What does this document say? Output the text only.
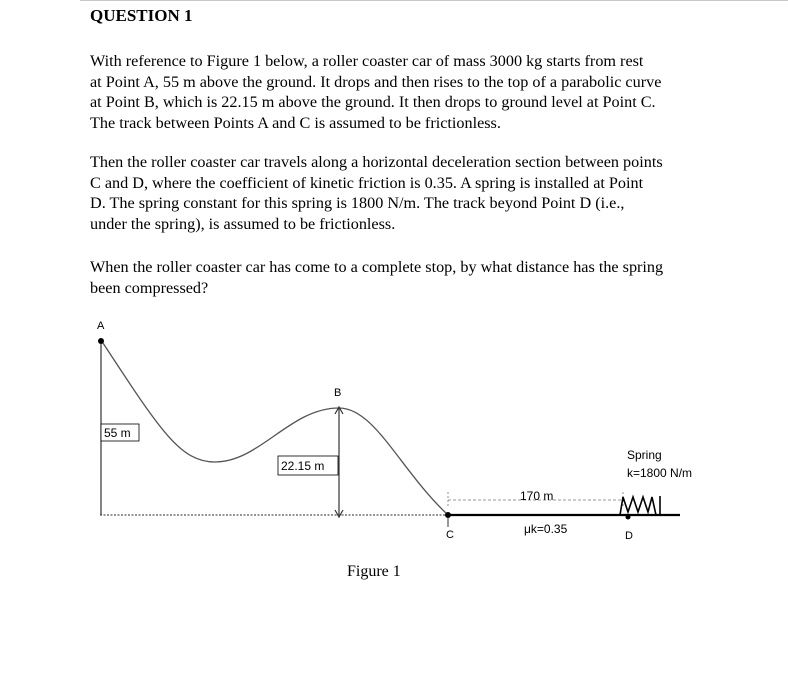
QUESTION 1
With reference to Figure 1 below, a roller coaster car of mass 3000 kg starts from rest
at Point A, 55 m above the ground. It drops and then rises to the top of a parabolic curve
at Point B, which is 22.15 m above the ground. It then drops to ground level at Point C.
The track between Points A and C is assumed to be frictionless.
Then the roller coaster car travels along a horizontal deceleration section between points
C and D, where the coefficient of kinetic friction is 0.35. A spring is installed at Point
D. The spring constant for this spring is 1800 N/m. The track beyond Point D (i.e.,
under the spring), is assumed to be frictionless.
When the roller coaster car has come to a complete stop, by what distance has the spring
been compressed?
A
B
C	D
55 m
22.15 m
170 m
μk=0.35
Spring
k=1800 N/m
Figure 1
